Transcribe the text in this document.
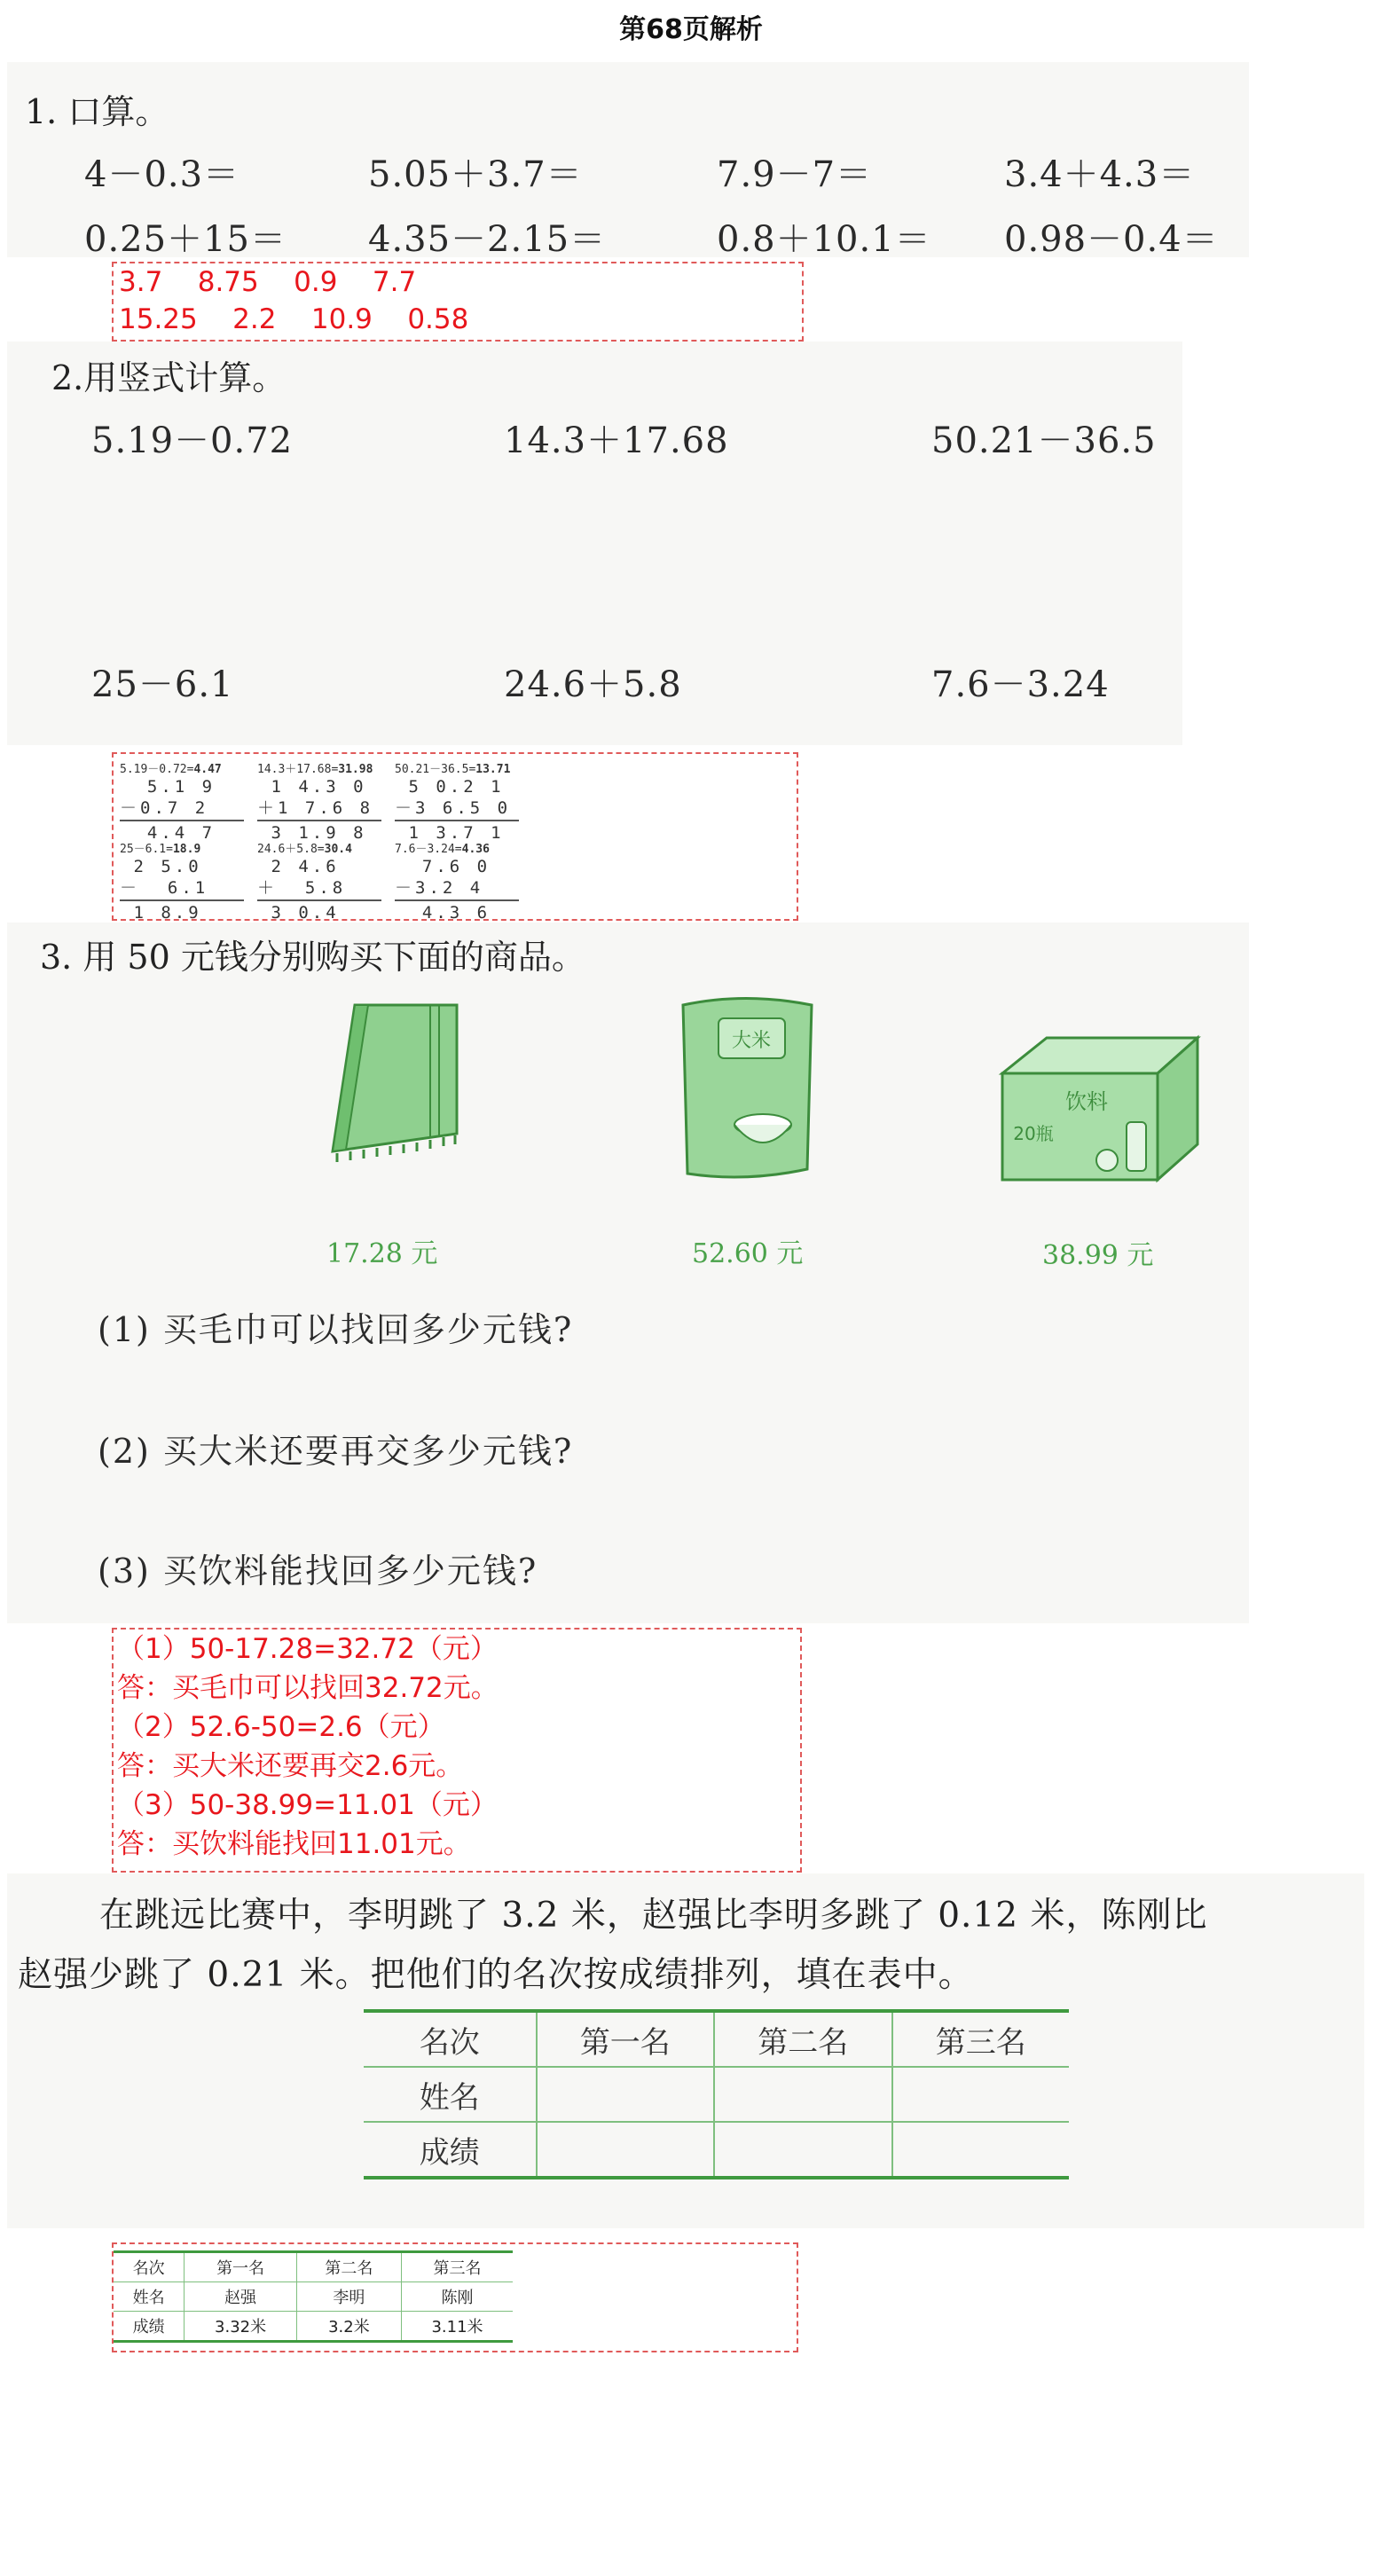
第68页解析
1. 口算。
4－0.3＝	5.05＋3.7＝	7.9－7＝	3.4＋4.3＝
0.25＋15＝ 4.35－2.15＝	0.8＋10.1＝ 0.98－0.4＝
3.7    8.75    0.9    7.7
15.25    2.2    10.9    0.58
2.用竖式计算。
5.19－0.72	14.3＋17.68	50.21－36.5
25－6.1	24.6＋5.8	7.6－3.24
5.19－0.72=4.47
5.1 9
－0.7 2
4.4 7
14.3＋17.68=31.98
1 4.3 0
＋1 7.6 8
3 1.9 8
50.21－36.5=13.71
5 0.2 1
－3 6.5 0
1 3.7 1
25－6.1=18.9
2 5.0
－  6.1
1 8.9
24.6＋5.8=30.4
2 4.6
＋  5.8
3 0.4
7.6－3.24=4.36
7.6 0
－3.2 4
4.3 6
3. 用 50 元钱分别购买下面的商品。
17.28 元
大米
52.60 元
饮料
20瓶
38.99 元
(1) 买毛巾可以找回多少元钱?
(2) 买大米还要再交多少元钱?
(3) 买饮料能找回多少元钱?
（1）50-17.28=32.72（元）
答：买毛巾可以找回32.72元。
（2）52.6-50=2.6（元）
答：买大米还要再交2.6元。
（3）50-38.99=11.01（元）
答：买饮料能找回11.01元。
在跳远比赛中，李明跳了 3.2 米，赵强比李明多跳了 0.12 米，陈刚比
赵强少跳了 0.21 米。把他们的名次按成绩排列，填在表中。
名次	第一名	第二名	第三名
姓名			
成绩			
名次	第一名	第二名	第三名
姓名	赵强	李明	陈刚
成绩	3.32米	3.2米	3.11米
